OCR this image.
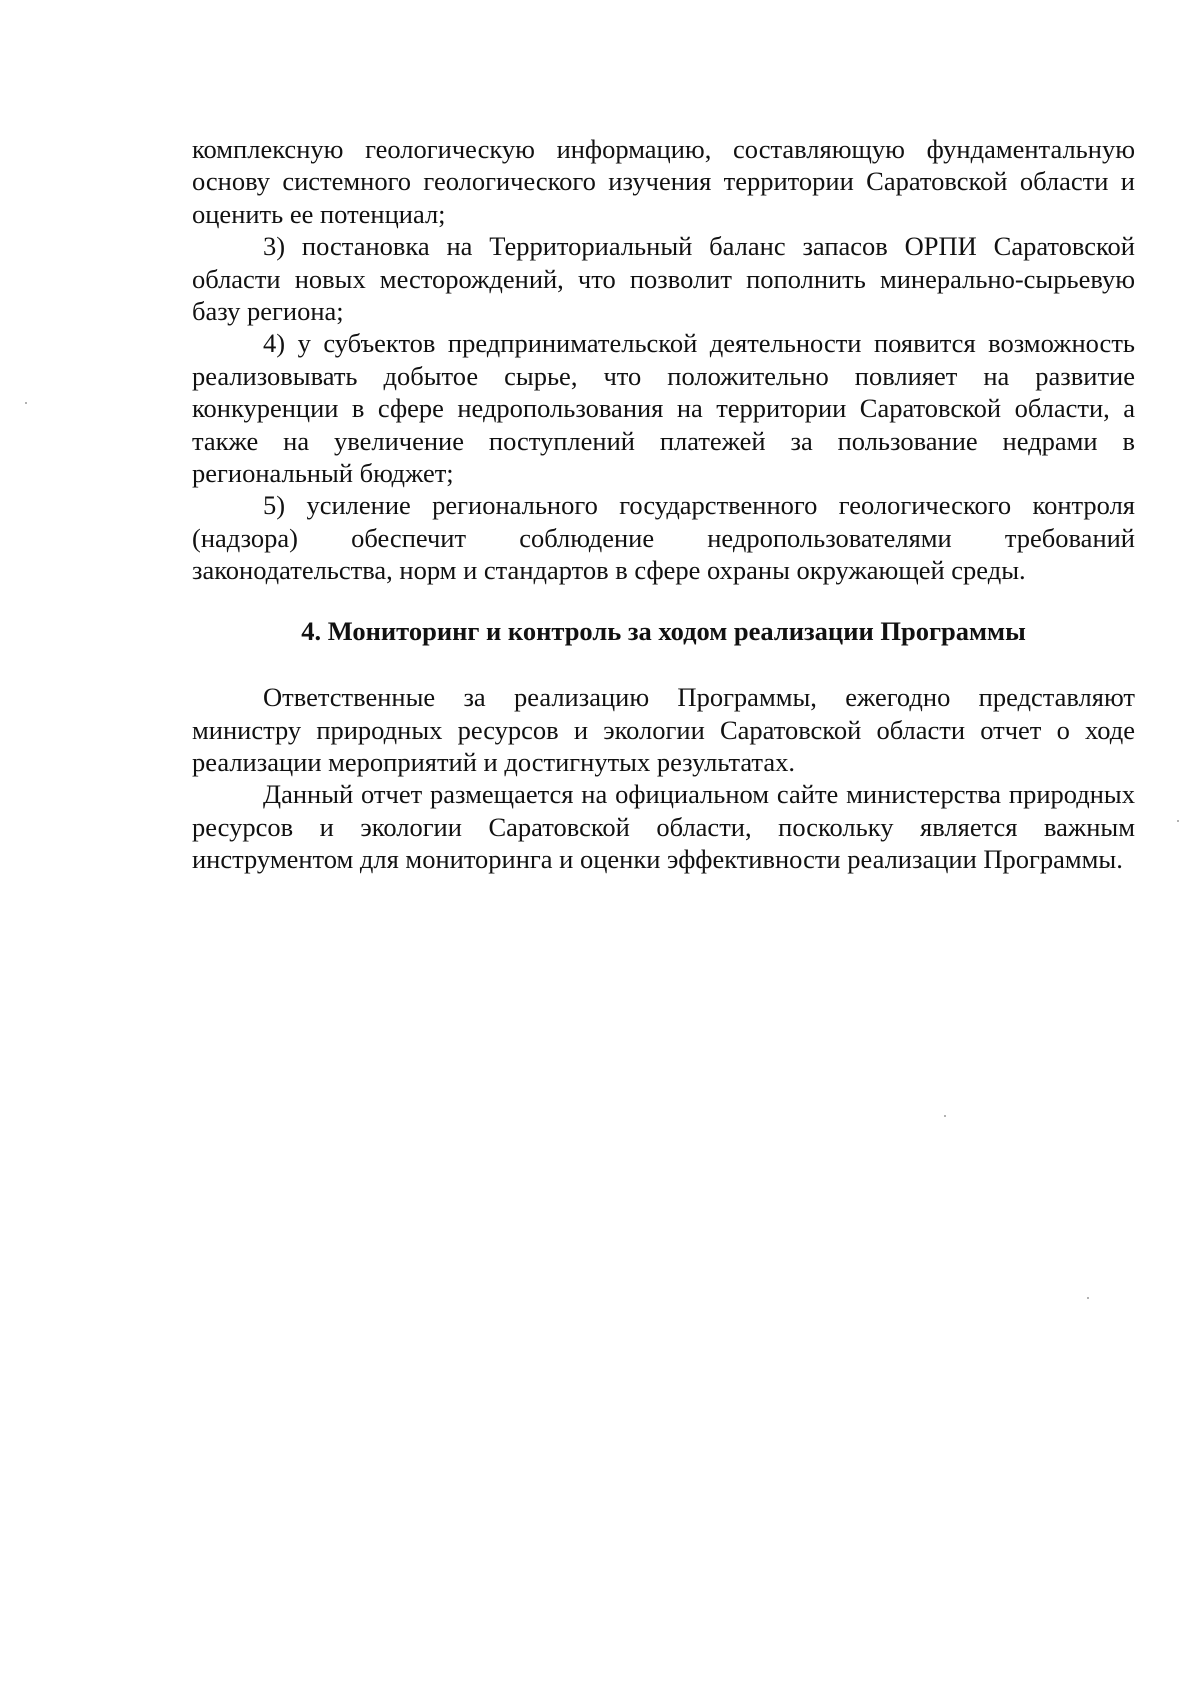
комплексную геологическую информацию, составляющую фундаментальную основу системного геологического изучения территории Саратовской области и оценить ее потенциал;

3) постановка на Территориальный баланс запасов ОРПИ Саратовской области новых месторождений, что позволит пополнить минерально-сырьевую базу региона;

4) у субъектов предпринимательской деятельности появится возможность реализовывать добытое сырье, что положительно повлияет на развитие конкуренции в сфере недропользования на территории Саратовской области, а также на увеличение поступлений платежей за пользование недрами в региональный бюджет;

5) усиление регионального государственного геологического контроля (надзора) обеспечит соблюдение недропользователями требований законодательства, норм и стандартов в сфере охраны окружающей среды.

4. Мониторинг и контроль за ходом реализации Программы

Ответственные за реализацию Программы, ежегодно представляют министру природных ресурсов и экологии Саратовской области отчет о ходе реализации мероприятий и достигнутых результатах.

Данный отчет размещается на официальном сайте министерства природных ресурсов и экологии Саратовской области, поскольку является важным инструментом для мониторинга и оценки эффективности реализации Программы.
